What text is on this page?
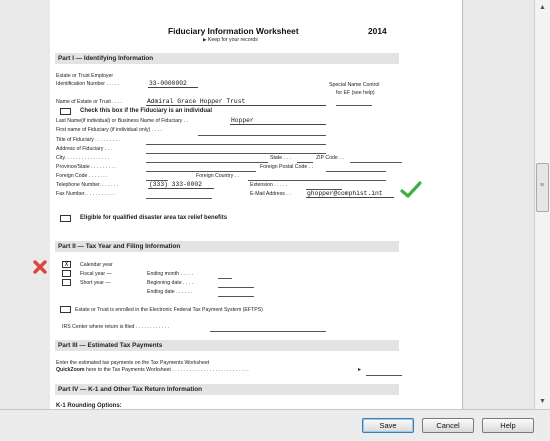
Fiduciary Information Worksheet	2014
▶ Keep for your records
Part I — Identifying Information
Estate or Trust Employer
Identification Number . . . . .	33-0000002	Special Name Control
for EF (see help)
Name of Estate or Trust . . . .	Admiral Grace Hopper Trust
Check this box if the Fiduciary is an individual
Last Name(if individual) or Business Name of Fiduciary . .	Hopper
First name of Fiduciary (if individual only) . . . .
Title of Fiduciary . . . . . . . . .
Address of Fiduciary . . .
City. . . . . . . . . . . . . . . .	State . . .	ZIP Code . .
Province/State . . . . . . . . .	Foreign Postal Code . .
Foreign Code . . . . . . .	Foreign Country . .
Telephone Number. . . . . . .	(333) 333-0002	Extension . . . . .
Fax Number. . . . . . . . . . .	E-Mail Address . .	ghopper@comphist.int
Eligible for qualified disaster area tax relief benefits
Part II — Tax Year and Filing Information
X	Calendar year
Fiscal year —	Ending month . . . . .
Short year —	Beginning date . . . .
Ending date . . . . . .
Estate or Trust is enrolled in the Electronic Federal Tax Payment System (EFTPS)
IRS Center where return is filed . . . . . . . . . . . .
Part III — Estimated Tax Payments
Enter the estimated tax payments on the Tax Payments Worksheet
QuickZoom here to the Tax Payments Worksheet . . . . . . . . . . . . . . . . . . . . . . . . . . .	▸
Part IV — K-1 and Other Tax Return Information
K-1 Rounding Options:
▲
≡
▼
Save	Cancel	Help
